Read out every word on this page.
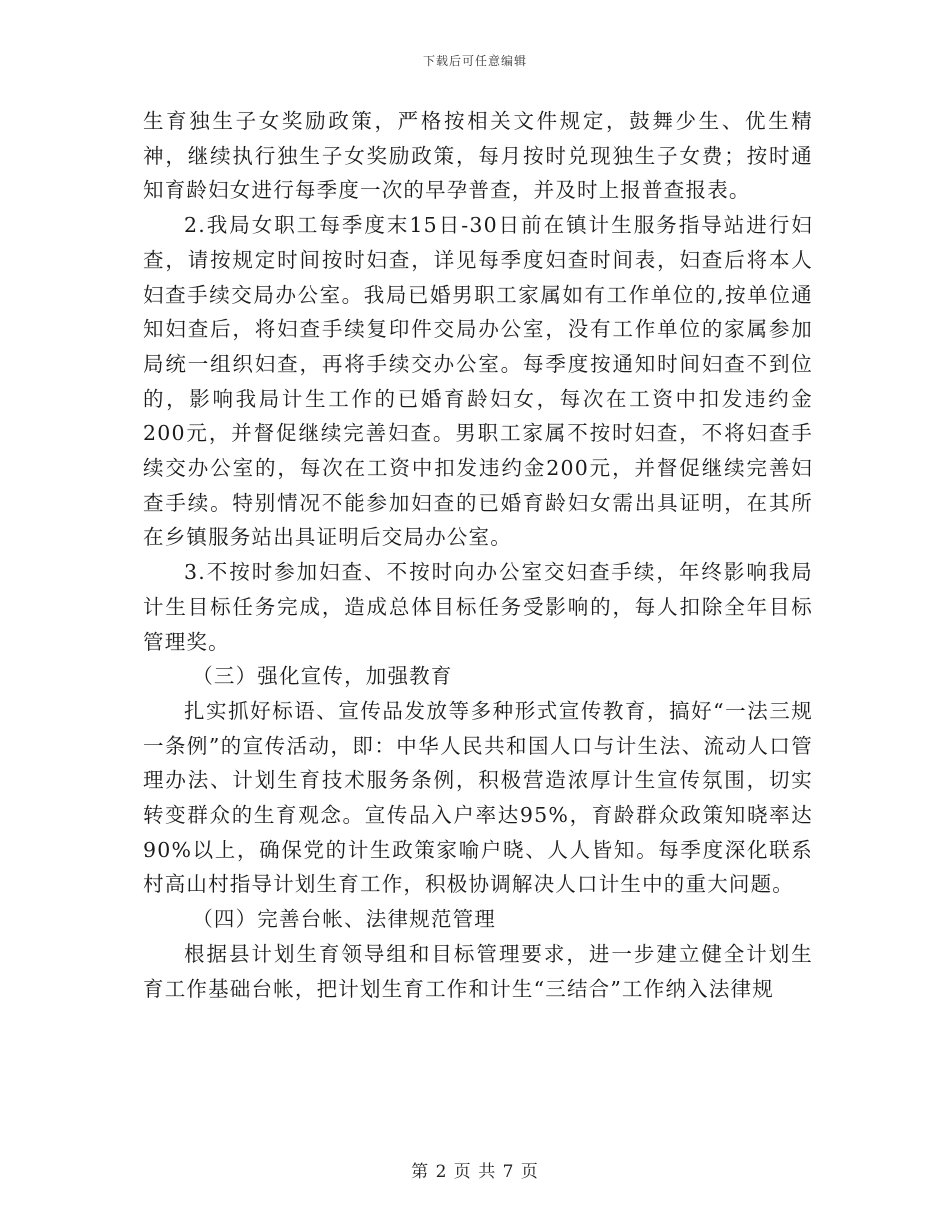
下载后可任意编辑

生育独生子女奖励政策，严格按相关文件规定，鼓舞少生、优生精神，继续执行独生子女奖励政策，每月按时兑现独生子女费；按时通知育龄妇女进行每季度一次的早孕普查，并及时上报普查报表。

2.我局女职工每季度末15日-30日前在镇计生服务指导站进行妇查，请按规定时间按时妇查，详见每季度妇查时间表，妇查后将本人妇查手续交局办公室。我局已婚男职工家属如有工作单位的,按单位通知妇查后，将妇查手续复印件交局办公室，没有工作单位的家属参加局统一组织妇查，再将手续交办公室。每季度按通知时间妇查不到位的，影响我局计生工作的已婚育龄妇女，每次在工资中扣发违约金200元，并督促继续完善妇查。男职工家属不按时妇查，不将妇查手续交办公室的，每次在工资中扣发违约金200元，并督促继续完善妇查手续。特别情况不能参加妇查的已婚育龄妇女需出具证明，在其所在乡镇服务站出具证明后交局办公室。

3.不按时参加妇查、不按时向办公室交妇查手续，年终影响我局计生目标任务完成，造成总体目标任务受影响的，每人扣除全年目标管理奖。

（三）强化宣传，加强教育

扎实抓好标语、宣传品发放等多种形式宣传教育，搞好“一法三规一条例”的宣传活动，即：中华人民共和国人口与计生法、流动人口管理办法、计划生育技术服务条例，积极营造浓厚计生宣传氛围，切实转变群众的生育观念。宣传品入户率达95%，育龄群众政策知晓率达90%以上，确保党的计生政策家喻户晓、人人皆知。每季度深化联系村高山村指导计划生育工作，积极协调解决人口计生中的重大问题。

（四）完善台帐、法律规范管理

根据县计划生育领导组和目标管理要求，进一步建立健全计划生育工作基础台帐，把计划生育工作和计生“三结合”工作纳入法律规

第 2 页 共 7 页
